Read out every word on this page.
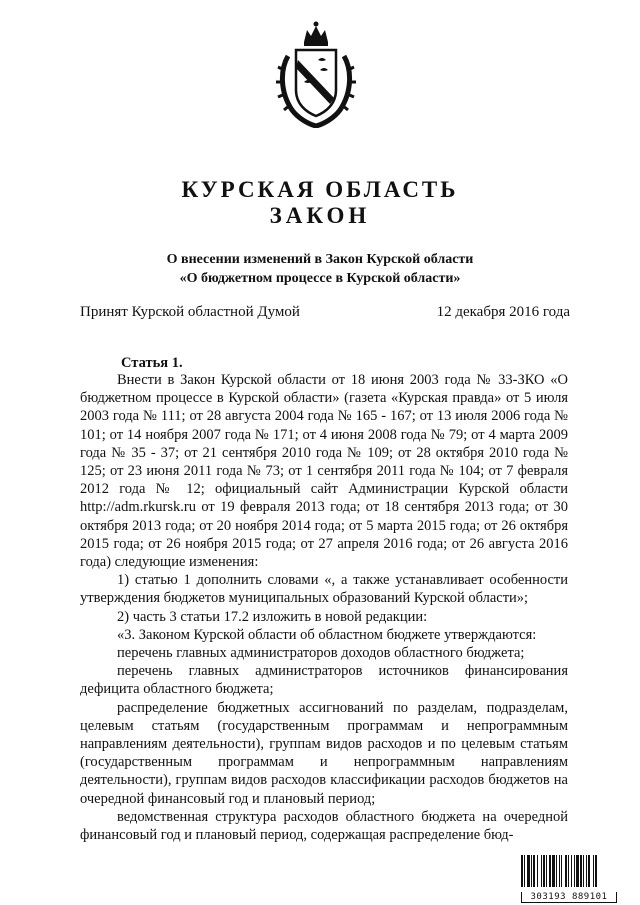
КУРСКАЯ ОБЛАСТЬ
ЗАКОН
О внесении изменений в Закон Курской области
«О бюджетном процессе в Курской области»
Принят Курской областной Думой	12 декабря 2016 года
Статья 1.

Внести в Закон Курской области от 18 июня 2003 года № 33-ЗКО «О бюджетном процессе в Курской области» (газета «Курская правда» от 5 июля 2003 года № 111; от 28 августа 2004 года № 165 - 167; от 13 июля 2006 года № 101; от 14 ноября 2007 года № 171; от 4 июня 2008 года № 79; от 4 марта 2009 года № 35 - 37; от 21 сентября 2010 года № 109; от 28 октября 2010 года № 125; от 23 июня 2011 года № 73; от 1 сентября 2011 года № 104; от 7 февраля 2012 года № 12; официальный сайт Администрации Курской области http://adm.rkursk.ru от 19 февраля 2013 года; от 18 сентября 2013 года; от 30 октября 2013 года; от 20 ноября 2014 года; от 5 марта 2015 года; от 26 октября 2015 года; от 26 ноября 2015 года; от 27 апреля 2016 года; от 26 августа 2016 года) следующие изменения:

1) статью 1 дополнить словами «, а также устанавливает особенности утверждения бюджетов муниципальных образований Курской области»;

2) часть 3 статьи 17.2 изложить в новой редакции:

«3. Законом Курской области об областном бюджете утверждаются:

перечень главных администраторов доходов областного бюджета;

перечень главных администраторов источников финансирования дефицита областного бюджета;

распределение бюджетных ассигнований по разделам, подразделам, целевым статьям (государственным программам и непрограммным направлениям деятельности), группам видов расходов и по целевым статьям (государственным программам и непрограммным направлениям деятельности), группам видов расходов классификации расходов бюджетов на очередной финансовый год и плановый период;

ведомственная структура расходов областного бюджета на очередной финансовый год и плановый период, содержащая распределение бюд-

303193 889101
